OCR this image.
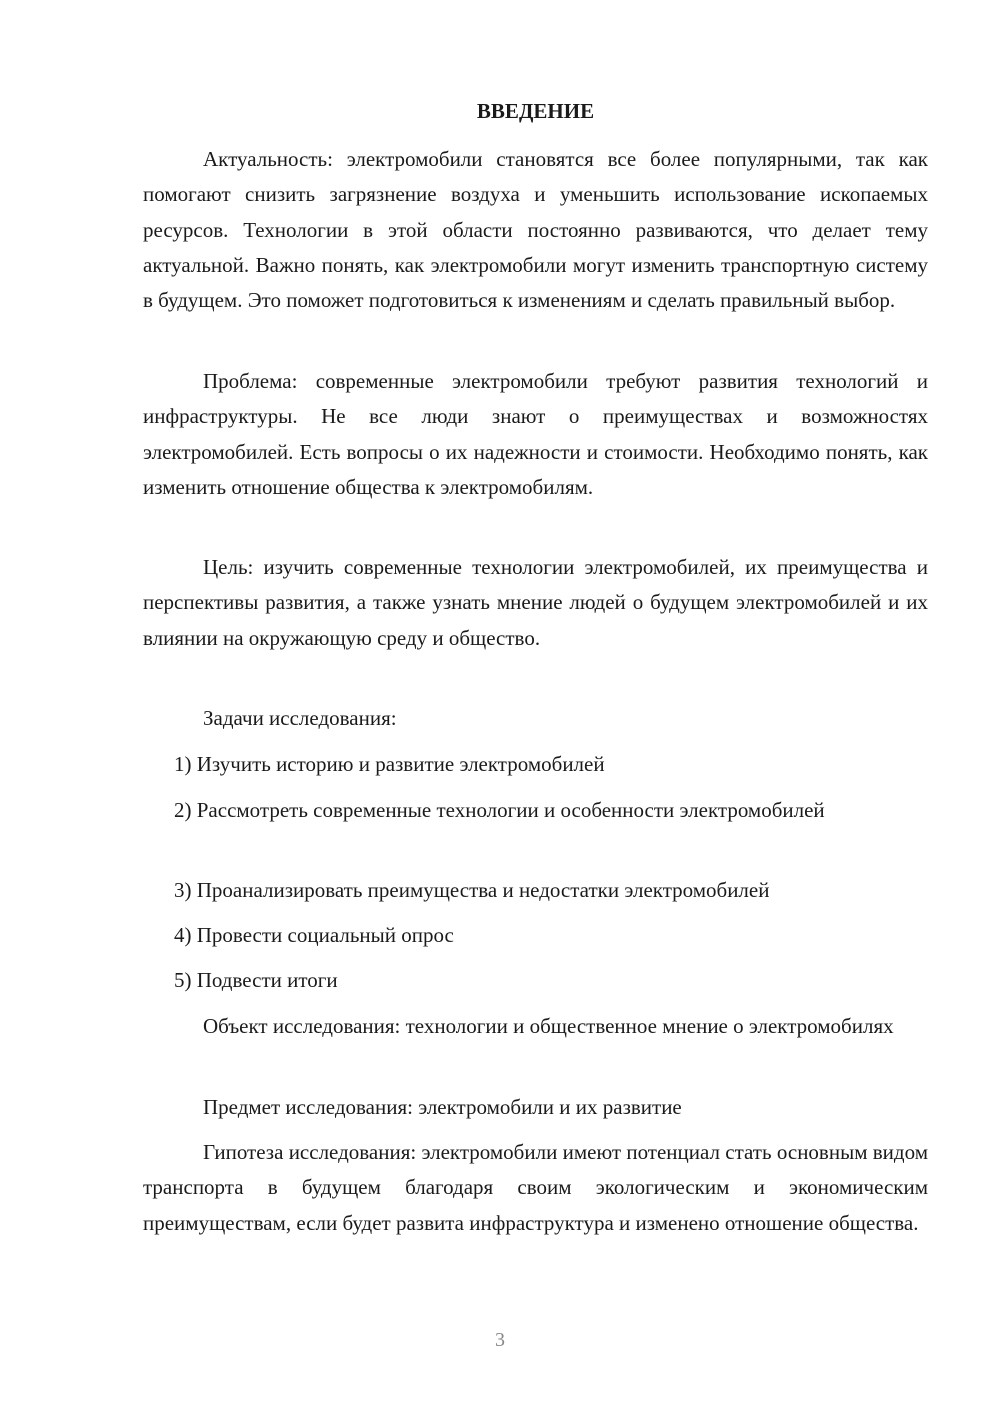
ВВЕДЕНИЕ

Актуальность: электромобили становятся все более популярными, так как помогают снизить загрязнение воздуха и уменьшить использование ископаемых ресурсов. Технологии в этой области постоянно развиваются, что делает тему актуальной. Важно понять, как электромобили могут изменить транспортную систему в будущем. Это поможет подготовиться к изменениям и сделать правильный выбор.

Проблема: современные электромобили требуют развития технологий и инфраструктуры. Не все люди знают о преимуществах и возможностях электромобилей. Есть вопросы о их надежности и стоимости. Необходимо понять, как изменить отношение общества к электромобилям.

Цель: изучить современные технологии электромобилей, их преимущества и перспективы развития, а также узнать мнение людей о будущем электромобилей и их влиянии на окружающую среду и общество.

Задачи исследования:

1) Изучить историю и развитие электромобилей

2) Рассмотреть современные технологии и особенности электромобилей

3) Проанализировать преимущества и недостатки электромобилей

4) Провести социальный опрос

5) Подвести итоги

Объект исследования: технологии и общественное мнение о электромобилях

Предмет исследования: электромобили и их развитие

Гипотеза исследования: электромобили имеют потенциал стать основным видом транспорта в будущем благодаря своим экологическим и экономическим преимуществам, если будет развита инфраструктура и изменено отношение общества.

3
